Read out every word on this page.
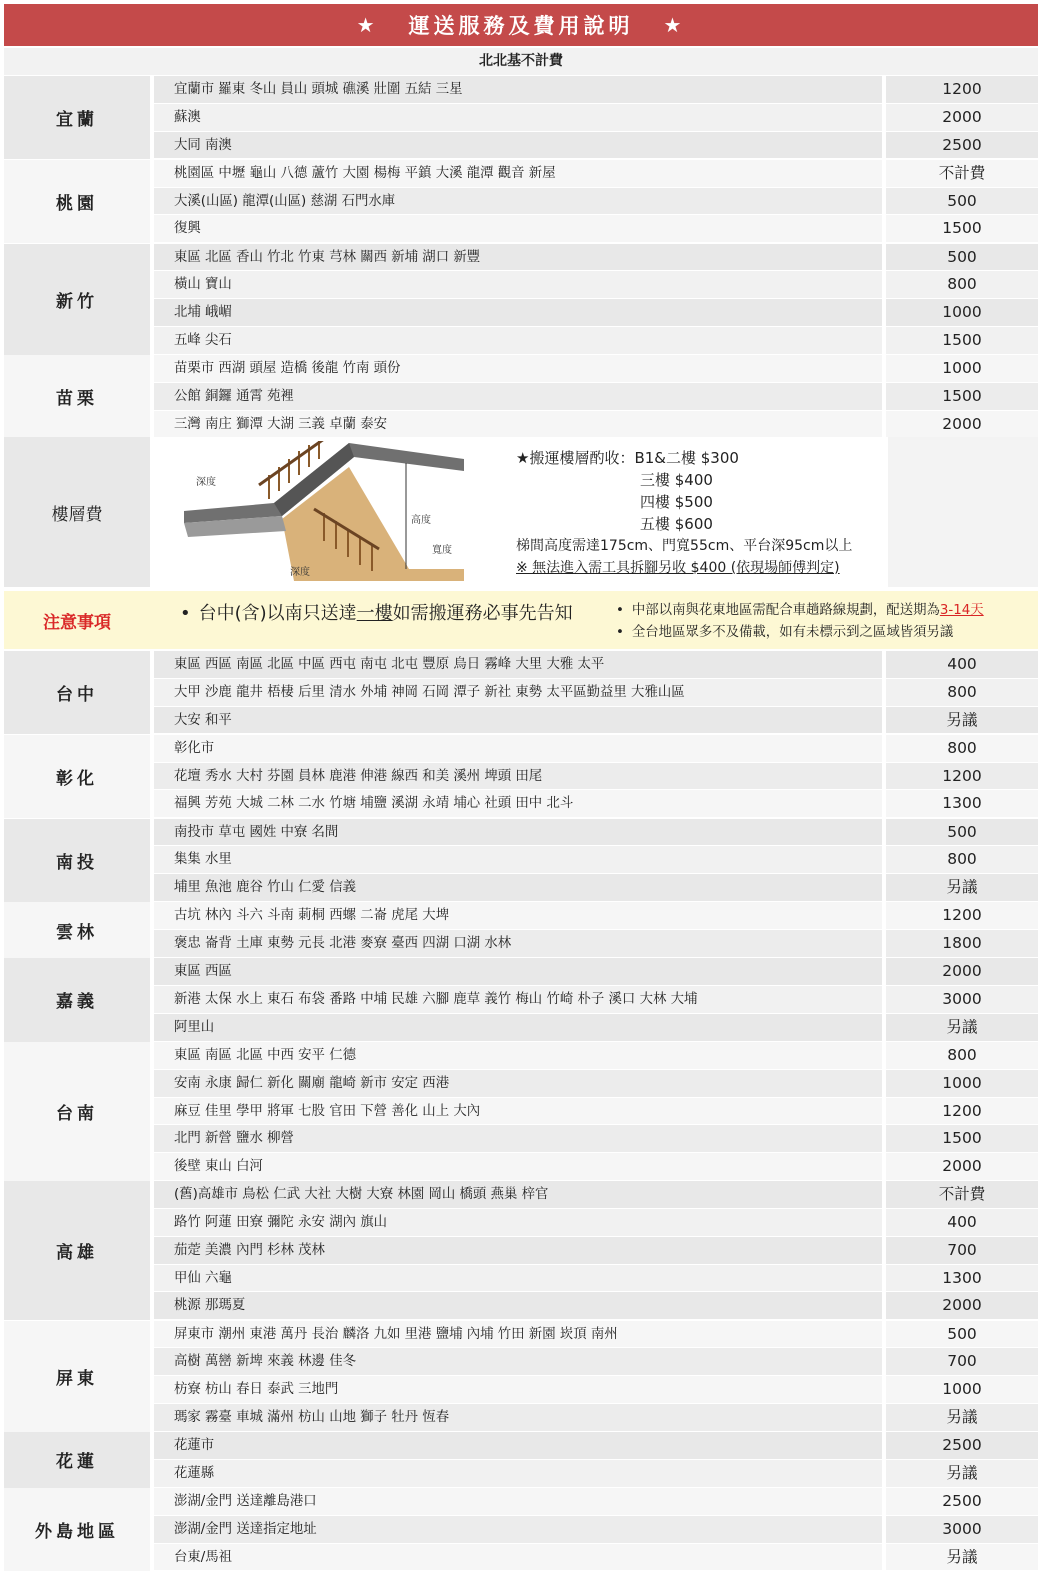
★ 運送服務及費用說明 ★
北北基不計費
宜蘭
宜蘭市 羅東 冬山 員山 頭城 礁溪 壯圍 五結 三星	1200
蘇澳	2000
大同 南澳	2500
桃園
桃園區 中壢 龜山 八德 蘆竹 大園 楊梅 平鎮 大溪 龍潭 觀音 新屋	不計費
大溪(山區) 龍潭(山區) 慈湖 石門水庫	500
復興	1500
新竹
東區 北區 香山 竹北 竹東 芎林 關西 新埔 湖口 新豐	500
橫山 寶山	800
北埔 峨嵋	1000
五峰 尖石	1500
苗栗
苗栗市 西湖 頭屋 造橋 後龍 竹南 頭份	1000
公館 銅鑼 通霄 苑裡	1500
三灣 南庄 獅潭 大湖 三義 卓蘭 泰安	2000
樓層費
深度
高度
寬度
深度
★搬運樓層酌收：B1&二樓 $300
三樓 $400
四樓 $500
五樓 $600
梯間高度需達175cm、門寬55cm、平台深95cm以上
※ 無法進入需工具拆腳另收 $400 (依現場師傅判定)
注意事項	• 台中(含)以南只送達一樓如需搬運務必事先告知	• 中部以南與花東地區需配合車趟路線規劃，配送期為3-14天
• 全台地區眾多不及備載，如有未標示到之區域皆須另議
台中
東區 西區 南區 北區 中區 西屯 南屯 北屯 豐原 烏日 霧峰 大里 大雅 太平	400
大甲 沙鹿 龍井 梧棲 后里 清水 外埔 神岡 石岡 潭子 新社 東勢 太平區勤益里 大雅山區	800
大安 和平	另議
彰化
彰化市	800
花壇 秀水 大村 芬園 員林 鹿港 伸港 線西 和美 溪州 埤頭 田尾	1200
福興 芳苑 大城 二林 二水 竹塘 埔鹽 溪湖 永靖 埔心 社頭 田中 北斗	1300
南投
南投市 草屯 國姓 中寮 名間	500
集集 水里	800
埔里 魚池 鹿谷 竹山 仁愛 信義	另議
雲林
古坑 林內 斗六 斗南 莿桐 西螺 二崙 虎尾 大埤	1200
褒忠 崙背 土庫 東勢 元長 北港 麥寮 臺西 四湖 口湖 水林	1800
嘉義
東區 西區	2000
新港 太保 水上 東石 布袋 番路 中埔 民雄 六腳 鹿草 義竹 梅山 竹崎 朴子 溪口 大林 大埔	3000
阿里山	另議
台南
東區 南區 北區 中西 安平 仁德	800
安南 永康 歸仁 新化 關廟 龍崎 新市 安定 西港	1000
麻豆 佳里 學甲 將軍 七股 官田 下營 善化 山上 大內	1200
北門 新營 鹽水 柳營	1500
後壁 東山 白河	2000
高雄
(舊)高雄市 鳥松 仁武 大社 大樹 大寮 林園 岡山 橋頭 燕巢 梓官	不計費
路竹 阿蓮 田寮 彌陀 永安 湖內 旗山	400
茄萣 美濃 內門 杉林 茂林	700
甲仙 六龜	1300
桃源 那瑪夏	2000
屏東
屏東市 潮州 東港 萬丹 長治 麟洛 九如 里港 鹽埔 內埔 竹田 新園 崁頂 南州	500
高樹 萬巒 新埤 來義 林邊 佳冬	700
枋寮 枋山 春日 泰武 三地門	1000
瑪家 霧臺 車城 滿州 枋山 山地 獅子 牡丹 恆春	另議
花蓮
花蓮市	2500
花蓮縣	另議
外島地區
澎湖/金門 送達離島港口	2500
澎湖/金門 送達指定地址	3000
台東/馬祖	另議
